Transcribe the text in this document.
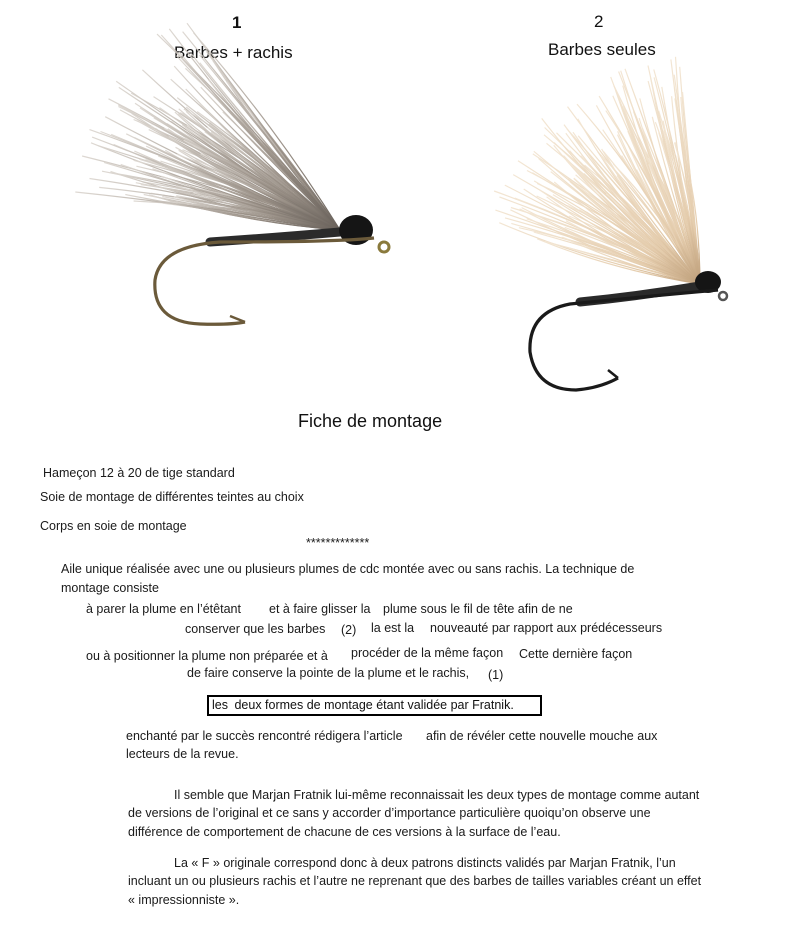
1
Barbes + rachis
2
Barbes seules
Fiche de montage
Hameçon 12 à 20 de tige standard
Soie de montage de différentes teintes au choix
Corps en soie de montage
*************
Aile unique réalisée avec une ou plusieurs plumes de cdc montée avec ou sans rachis. La technique de
montage consiste
à parer la plume en l’étêtant et à faire glisser la plume sous le fil de tête afin de ne
conserver que les barbes (2) la est la nouveauté par rapport aux prédécesseurs
ou à positionner la plume non préparée et à procéder de la même façon Cette dernière façon
de faire conserve la pointe de la plume et le rachis, (1)
les deux formes de montage étant validée par Fratnik.
enchanté par le succès rencontré rédigera l’article afin de révéler cette nouvelle mouche aux
lecteurs de la revue.
Il semble que Marjan Fratnik lui-même reconnaissait les deux types de montage comme autant
de versions de l’original et ce sans y accorder d’importance particulière quoiqu’on observe une
différence de comportement de chacune de ces versions à la surface de l’eau.
La « F » originale correspond donc à deux patrons distincts validés par Marjan Fratnik, l’un
incluant un ou plusieurs rachis et l’autre ne reprenant que des barbes de tailles variables créant un effet
« impressionniste ».
